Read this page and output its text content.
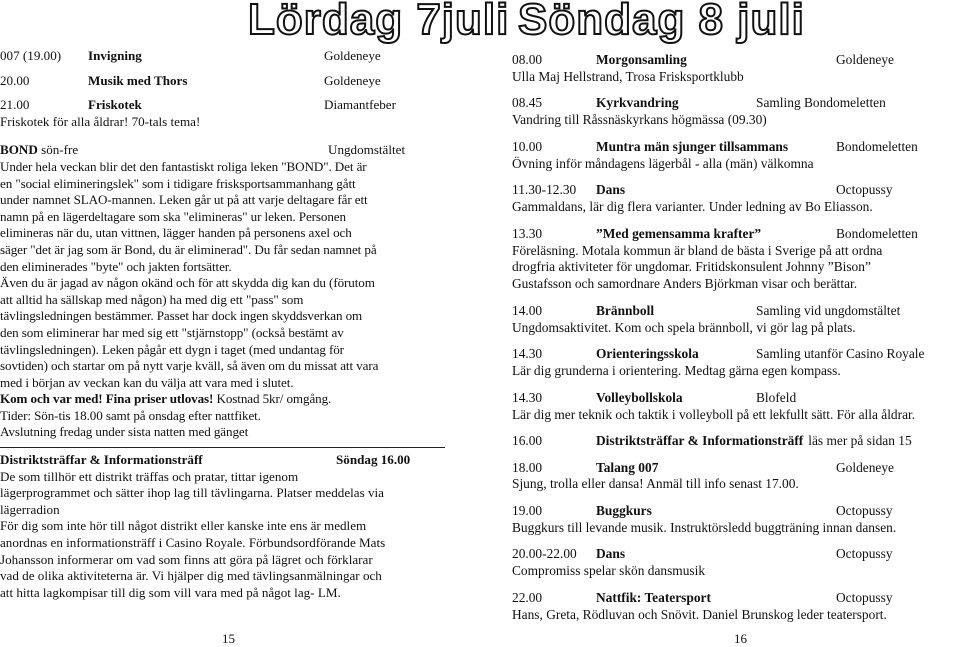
Lördag 7juli
007 (19.00)	Invigning	Goldeneye
20.00	Musik med Thors	Goldeneye
21.00	Friskotek	Diamantfeber
Friskotek för alla åldrar! 70-tals tema!
BOND sön-fre	Ungdomstältet
Under hela veckan blir det den fantastiskt roliga leken "BOND". Det är
en "social elimineringslek" som i tidigare frisksportsammanhang gått
under namnet SLAO-mannen. Leken går ut på att varje deltagare får ett
namn på en lägerdeltagare som ska "elimineras" ur leken. Personen
elimineras när du, utan vittnen, lägger handen på personens axel och
säger "det är jag som är Bond, du är eliminerad". Du får sedan namnet på
den eliminerades "byte" och jakten fortsätter.
Även du är jagad av någon okänd och för att skydda dig kan du (förutom
att alltid ha sällskap med någon) ha med dig ett "pass" som
tävlingsledningen bestämmer. Passet har dock ingen skyddsverkan om
den som eliminerar har med sig ett "stjärnstopp" (också bestämt av
tävlingsledningen). Leken pågår ett dygn i taget (med undantag för
sovtiden) och startar om på nytt varje kväll, så även om du missat att vara
med i början av veckan kan du välja att vara med i slutet.
Kom och var med! Fina priser utlovas! Kostnad 5kr/ omgång.
Tider: Sön-tis 18.00 samt på onsdag efter nattfiket.
Avslutning fredag under sista natten med gänget
Distriktsträffar & Informationsträff	Söndag 16.00
De som tillhör ett distrikt träffas och pratar, tittar igenom
lägerprogrammet och sätter ihop lag till tävlingarna. Platser meddelas via
lägerradion
För dig som inte hör till något distrikt eller kanske inte ens är medlem
anordnas en informationsträff i Casino Royale. Förbundsordförande Mats
Johansson informerar om vad som finns att göra på lägret och förklarar
vad de olika aktiviteterna är. Vi hjälper dig med tävlingsanmälningar och
att hitta lagkompisar till dig som vill vara med på något lag- LM.
15
Söndag 8 juli
08.00	Morgonsamling	Goldeneye
Ulla Maj Hellstrand, Trosa Frisksportklubb
08.45	Kyrkvandring	Samling Bondomeletten
Vandring till Råssnäskyrkans högmässa (09.30)
10.00	Muntra män sjunger tillsammans	Bondomeletten
Övning inför måndagens lägerbål - alla (män) välkomna
11.30-12.30	Dans	Octopussy
Gammaldans, lär dig flera varianter. Under ledning av Bo Eliasson.
13.30	”Med gemensamma krafter”	Bondomeletten
Föreläsning. Motala kommun är bland de bästa i Sverige på att ordna
drogfria aktiviteter för ungdomar. Fritidskonsulent Johnny ”Bison”
Gustafsson och samordnare Anders Björkman visar och berättar.
14.00	Brännboll	Samling vid ungdomstältet
Ungdomsaktivitet. Kom och spela brännboll, vi gör lag på plats.
14.30	Orienteringsskola	Samling utanför Casino Royale
Lär dig grunderna i orientering. Medtag gärna egen kompass.
14.30	Volleybollskola	Blofeld
Lär dig mer teknik och taktik i volleyboll på ett lekfullt sätt. För alla åldrar.
16.00	Distriktsträffar & Informationsträff läs mer på sidan 15
18.00	Talang 007	Goldeneye
Sjung, trolla eller dansa! Anmäl till info senast 17.00.
19.00	Buggkurs	Octopussy
Buggkurs till levande musik. Instruktörsledd buggträning innan dansen.
20.00-22.00	Dans	Octopussy
Compromiss spelar skön dansmusik
22.00	Nattfik: Teatersport	Octopussy
Hans, Greta, Rödluvan och Snövit. Daniel Brunskog leder teatersport.
16
